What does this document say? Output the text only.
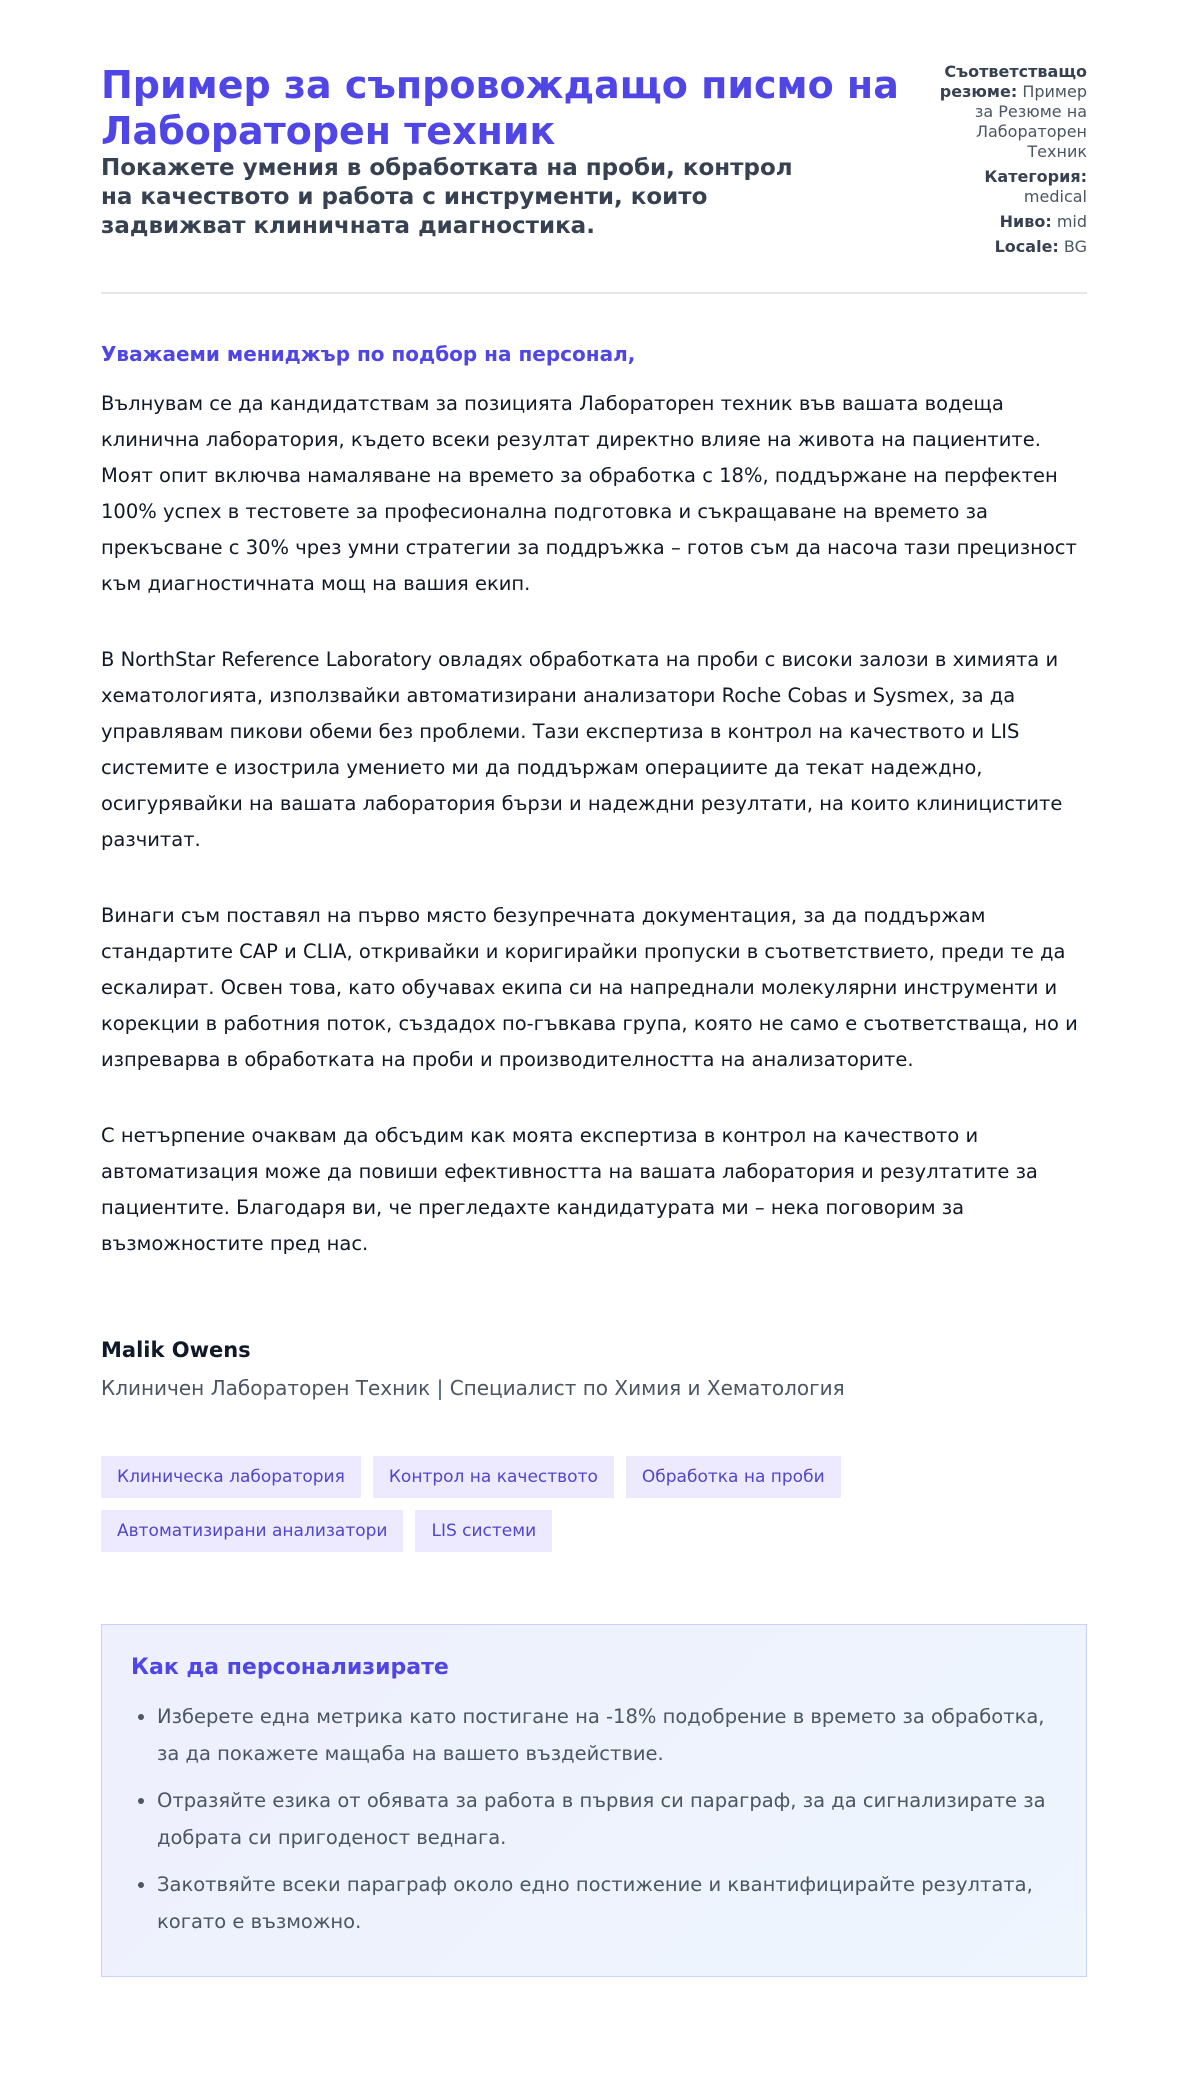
Пример за съпровождащо писмо на Лабораторен техник
Покажете умения в обработката на проби, контрол на качеството и работа с инструменти, които задвижват клиничната диагностика.
Съответстващо резюме: Пример за Резюме на Лабораторен Техник
Категория: medical
Ниво: mid
Locale: BG
Уважаеми мениджър по подбор на персонал,

Вълнувам се да кандидатствам за позицията Лабораторен техник във вашата водеща клинична лаборатория, където всеки резултат директно влияе на живота на пациентите. Моят опит включва намаляване на времето за обработка с 18%, поддържане на перфектен 100% успех в тестовете за професионална подготовка и съкращаване на времето за прекъсване с 30% чрез умни стратегии за поддръжка – готов съм да насоча тази прецизност към диагностичната мощ на вашия екип.

В NorthStar Reference Laboratory овладях обработката на проби с високи залози в химията и хематологията, използвайки автоматизирани анализатори Roche Cobas и Sysmex, за да управлявам пикови обеми без проблеми. Тази експертиза в контрол на качеството и LIS системите е изострила умението ми да поддържам операциите да текат надеждно, осигурявайки на вашата лаборатория бързи и надеждни резултати, на които клиницистите разчитат.

Винаги съм поставял на първо място безупречната документация, за да поддържам стандартите CAP и CLIA, откривайки и коригирайки пропуски в съответствието, преди те да ескалират. Освен това, като обучавах екипа си на напреднали молекулярни инструменти и корекции в работния поток, създадох по-гъвкава група, която не само е съответстваща, но и изпреварва в обработката на проби и производителността на анализаторите.

С нетърпение очаквам да обсъдим как моята експертиза в контрол на качеството и автоматизация може да повиши ефективността на вашата лаборатория и резултатите за пациентите. Благодаря ви, че прегледахте кандидатурата ми – нека поговорим за възможностите пред нас.

Malik Owens
Клиничен Лабораторен Техник | Специалист по Химия и Хематология
Клиническа лаборатория	Контрол на качеството	Обработка на проби
Автоматизирани анализатори	LIS системи
Как да персонализирате
• Изберете една метрика като постигане на -18% подобрение в времето за обработка, за да покажете мащаба на вашето въздействие.
• Отразяйте езика от обявата за работа в първия си параграф, за да сигнализирате за добрата си пригоденост веднага.
• Закотвяйте всеки параграф около едно постижение и квантифицирайте резултата, когато е възможно.
